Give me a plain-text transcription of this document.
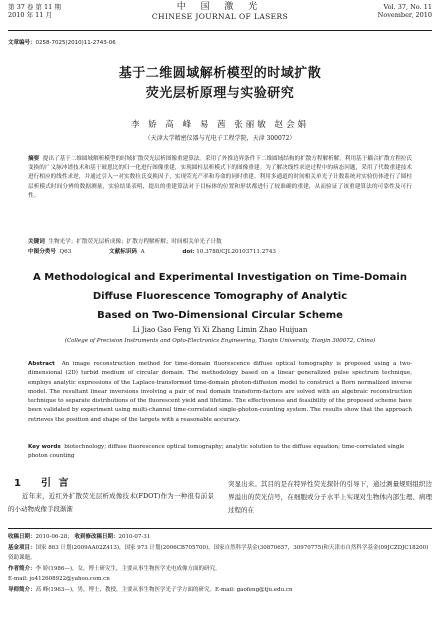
第 37 卷 第 11 期
2010 年 11 月
中 国 激 光
CHINESE JOURNAL OF LASERS
Vol. 37, No. 11
November, 2010
文章编号：0258-7025(2010)11-2743-06
基于二维圆域解析模型的时域扩散
荧光层析原理与实验研究
李 娇 高 峰 易 茜 张丽敏 赵会娟
（天津大学精密仪器与光电子工程学院，天津 300072）
摘要 提出了基于二维圆域解析模型的时域扩散荧光层析图像重建算法。采用了外推边界条件下二维圆域结构的扩散方程解析解，利用基于耦合扩散方程拉氏变换的广义脉冲谱技术和基于玻恩比的归一化进行图像重建，实现圆柱层析模式下的图像重建。为了解决线性求逆过程中的病态问题，采用了代数重建技术进行相应的线性求逆，并通过引入一对实数拉氏变换因子，实现荧光产率和寿命的同时重建。利用多通道的时间相关单光子计数系统对实验仿体进行了圆柱层析模式时间分辨的数据测量，实验结果表明，提出的重建算法对于目标体的位置和形状都进行了较准确的重建，从而验证了该重建算法的可靠性及可行性。
关键词 生物光学；扩散荧光层析成像；扩散方程解析解；时间相关单光子计数
中图分类号 Q63	文献标识码 A	doi: 10.3788/CJL20103711.2743
A Methodological and Experimental Investigation on Time-Domain
Diffuse Fluorescence Tomography of Analytic
Based on Two-Dimensional Circular Scheme
Li Jiao Gao Feng Yi Xi Zhang Limin Zhao Huijuan
(College of Precision Instruments and Opto-Electronics Engineering, Tianjin University, Tianjin 300072, China)
Abstract An image reconstruction method for time-domain fluorescence diffuse optical tomography is proposed using a two-dimensional (2D) turbid medium of circular domain. The methodology based on a linear generalized pulse spectrum technique, employs analytic expressions of the Laplace-transformed time-domain photon-diffusion model to construct a Born normalized inverse model. The resultant linear inversions involving a pair of real domain transform-factors are solved with an algebraic reconstruction technique to separate distributions of the fluorescent yield and lifetime. The effectiveness and feasibility of the proposed scheme have been validated by experiment using multi-channel time-correlated single-photon-counting system. The results show that the approach retrieves the position and shape of the targets with a reasonable accuracy.
Key words biotechnology; diffuse fluorescence optical tomography; analytic solution to the diffuse equation; time-correlated single photon counting
1 引 言
近年来，近红外扩散荧光层析成像技术(FDOT)作为一种很有前景的小动物成像手段渐渐
突显出来。其目的是在特异性荧光探针的引导下，通过测量规则组织边界溢出的荧光信号，在细胞或分子水平上实现对生物体内部生理、病理过程的在
收稿日期：2010-06-28； 收到修改稿日期：2010-07-31
基金项目：国家 863 计划(2009AA02Z413)，国家 973 计划(2006CB705700)，国家自然科学基金(30870657，30970775)和天津市自然科学基金(09JCZDJC18200)资助课题。
作者简介：李 娇(1986—)，女，博士研究生，主要从事生物医学光电成像方面的研究。
E-mail: jo412608922@yahoo.com.cn
导师简介：高 峰(1963—)，男，博士，教授，主要从事生物医学光子学方面的研究。E-mail: gaofeng@tju.edu.cn
